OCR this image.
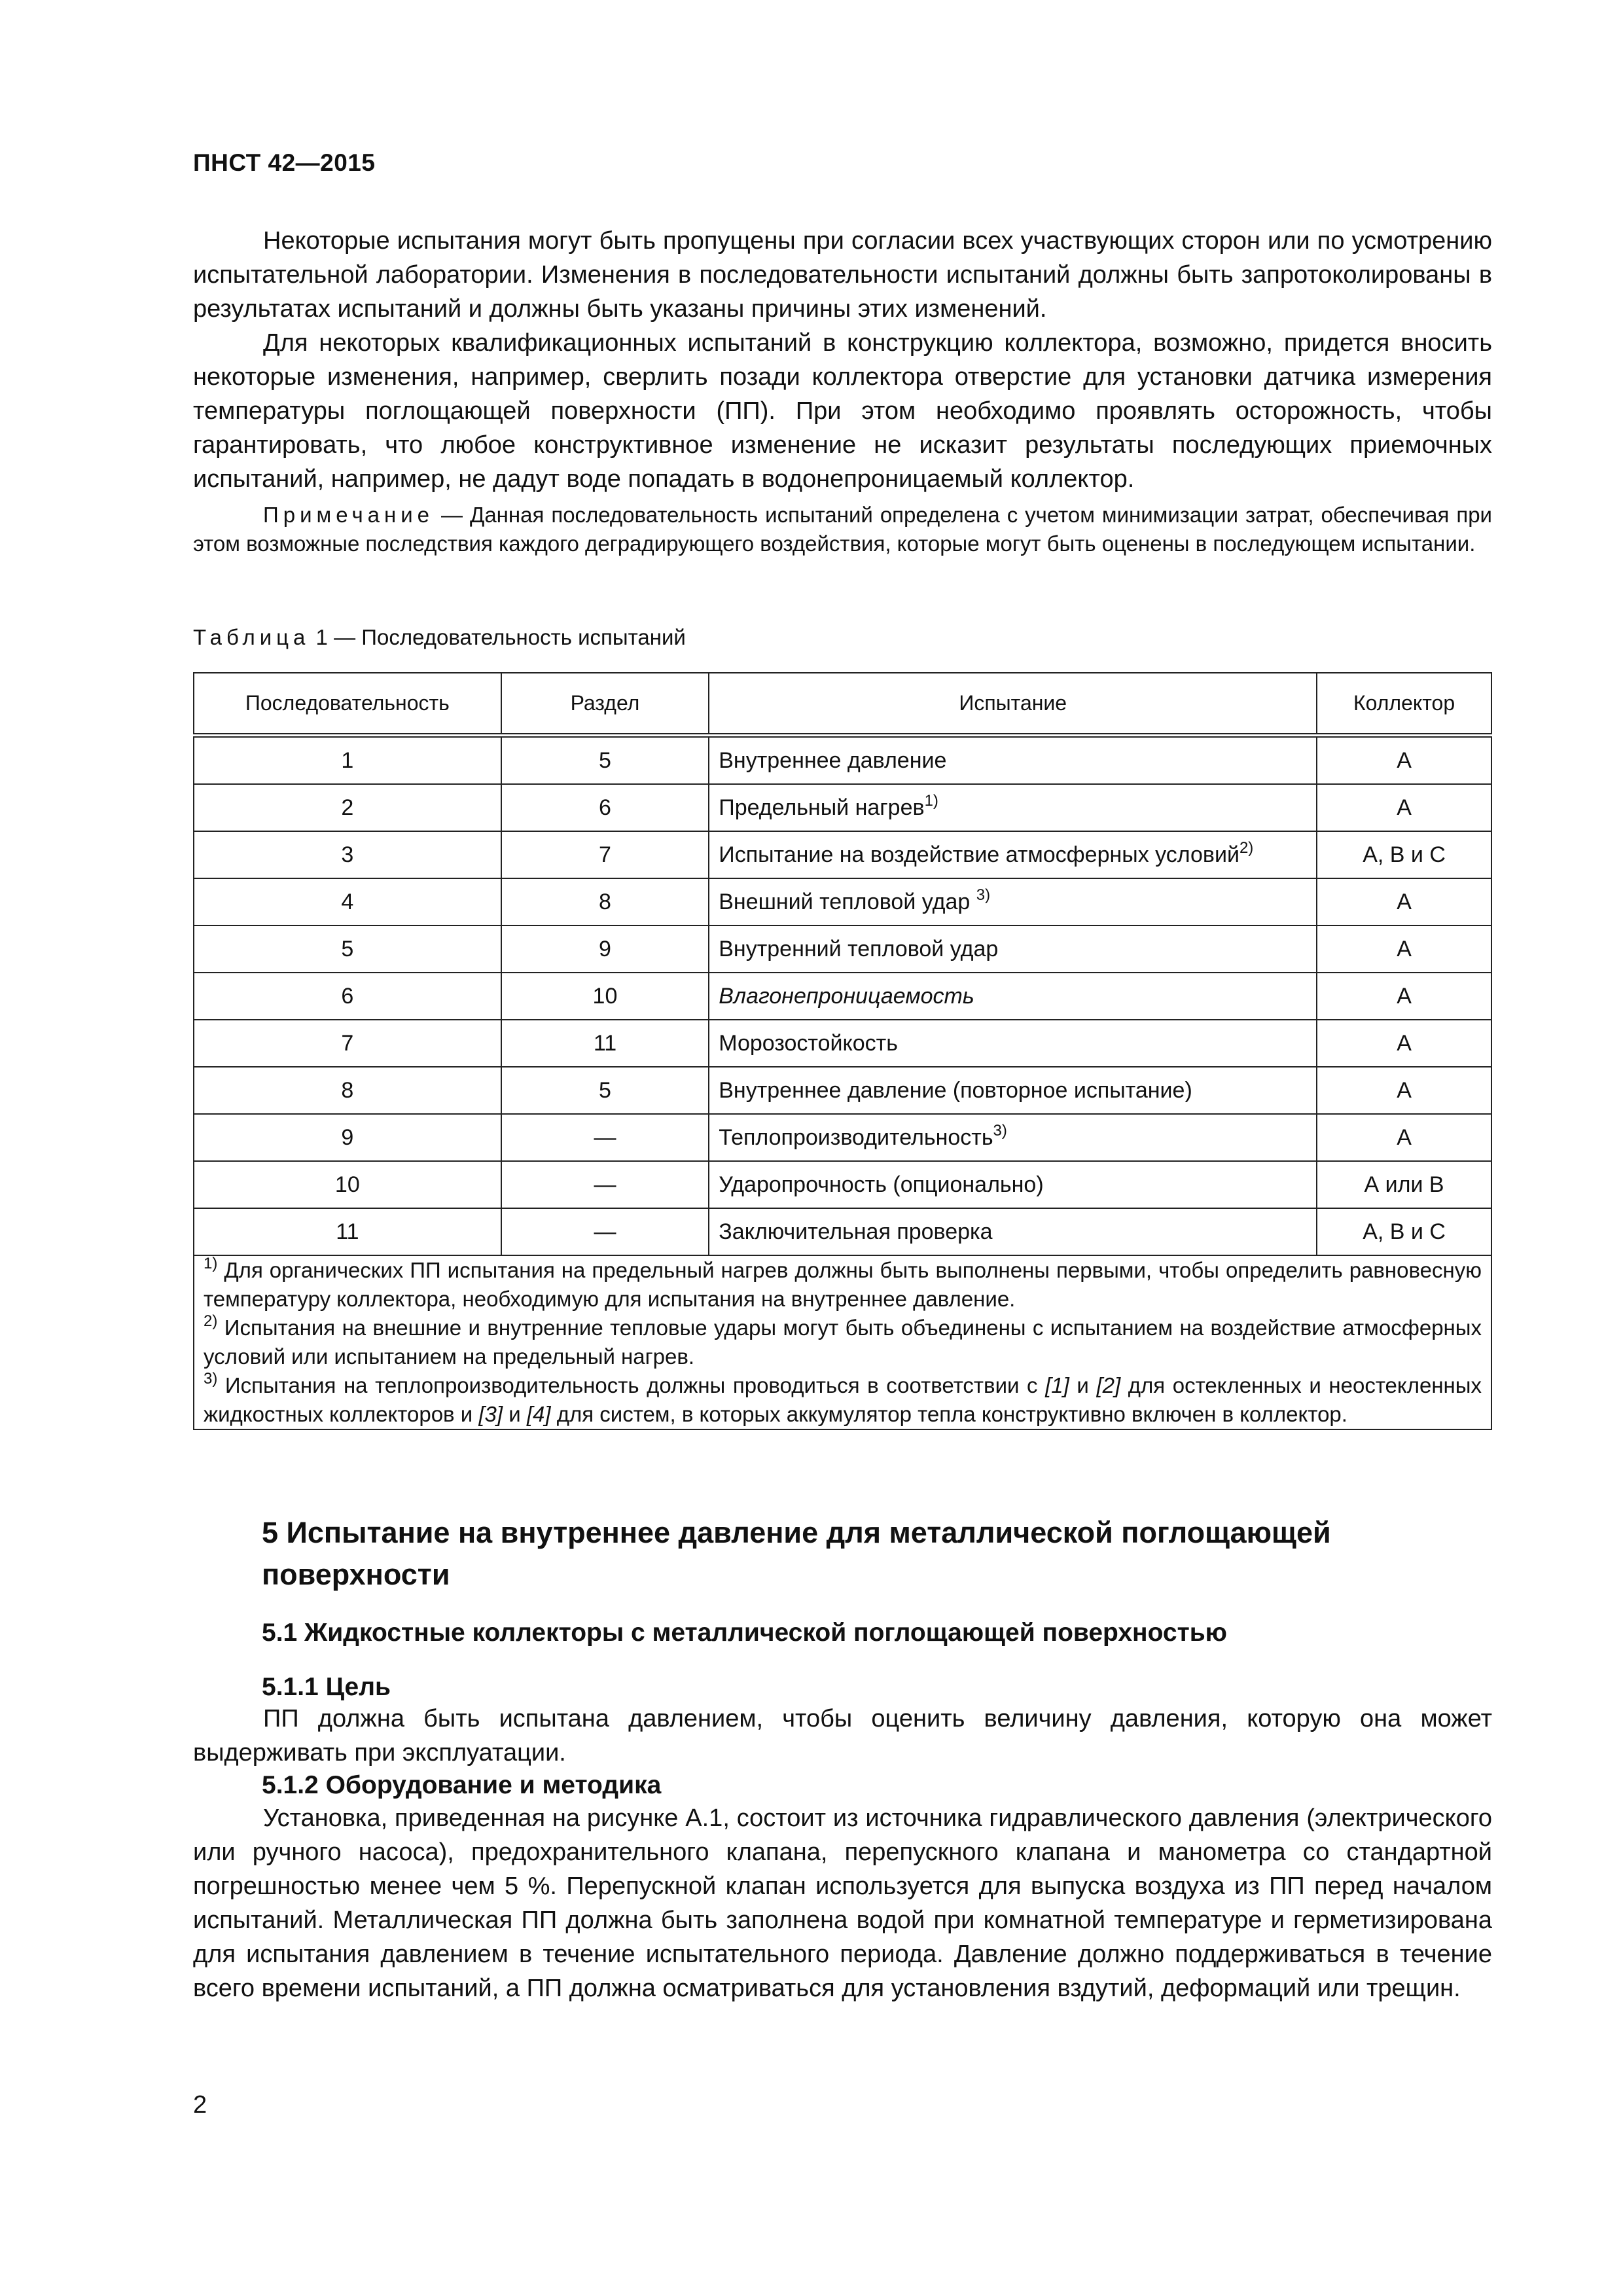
ПНСТ 42—2015

Некоторые испытания могут быть пропущены при согласии всех участвующих сторон или по усмотрению испытательной лаборатории. Изменения в последовательности испытаний должны быть запротоколированы в результатах испытаний и должны быть указаны причины этих изменений.

Для некоторых квалификационных испытаний в конструкцию коллектора, возможно, придется вносить некоторые изменения, например, сверлить позади коллектора отверстие для установки датчика измерения температуры поглощающей поверхности (ПП). При этом необходимо проявлять осторожность, чтобы гарантировать, что любое конструктивное изменение не исказит результаты последующих приемочных испытаний, например, не дадут воде попадать в водонепроницаемый коллектор.

Примечание — Данная последовательность испытаний определена с учетом минимизации затрат, обеспечивая при этом возможные последствия каждого деградирующего воздействия, которые могут быть оценены в последующем испытании.
Таблица 1 — Последовательность испытаний
Последовательность	Раздел	Испытание	Коллектор
1	5	Внутреннее давление	А
2	6	Предельный нагрев$^{1)}$	А
3	7	Испытание на воздействие атмосферных условий$^{2)}$	А, В и С
4	8	Внешний тепловой удар $^{3)}$	А
5	9	Внутренний тепловой удар	А
6	10	Влагонепроницаемость	А
7	11	Морозостойкость	А
8	5	Внутреннее давление (повторное испытание)	А
9	—	Теплопроизводительность$^{3)}$	А
10	—	Ударопрочность (опционально)	А или В
11	—	Заключительная проверка	А, В и С

$^{1)}$ Для органических ПП испытания на предельный нагрев должны быть выполнены первыми, чтобы определить равновесную температуру коллектора, необходимую для испытания на внутреннее давление.
$^{2)}$ Испытания на внешние и внутренние тепловые удары могут быть объединены с испытанием на воздействие атмосферных условий или испытанием на предельный нагрев.
$^{3)}$ Испытания на теплопроизводительность должны проводиться в соответствии с [1] и [2] для остекленных и неостекленных жидкостных коллекторов и [3] и [4] для систем, в которых аккумулятор тепла конструктивно включен в коллектор.			
5 Испытание на внутреннее давление для металлической поглощающей поверхности
5.1 Жидкостные коллекторы с металлической поглощающей поверхностью
5.1.1 Цель

ПП должна быть испытана давлением, чтобы оценить величину давления, которую она может выдерживать при эксплуатации.

5.1.2 Оборудование и методика

Установка, приведенная на рисунке А.1, состоит из источника гидравлического давления (электрического или ручного насоса), предохранительного клапана, перепускного клапана и манометра со стандартной погрешностью менее чем 5 %. Перепускной клапан используется для выпуска воздуха из ПП перед началом испытаний. Металлическая ПП должна быть заполнена водой при комнатной температуре и герметизирована для испытания давлением в течение испытательного периода. Давление должно поддерживаться в течение всего времени испытаний, а ПП должна осматриваться для установления вздутий, деформаций или трещин.

2
